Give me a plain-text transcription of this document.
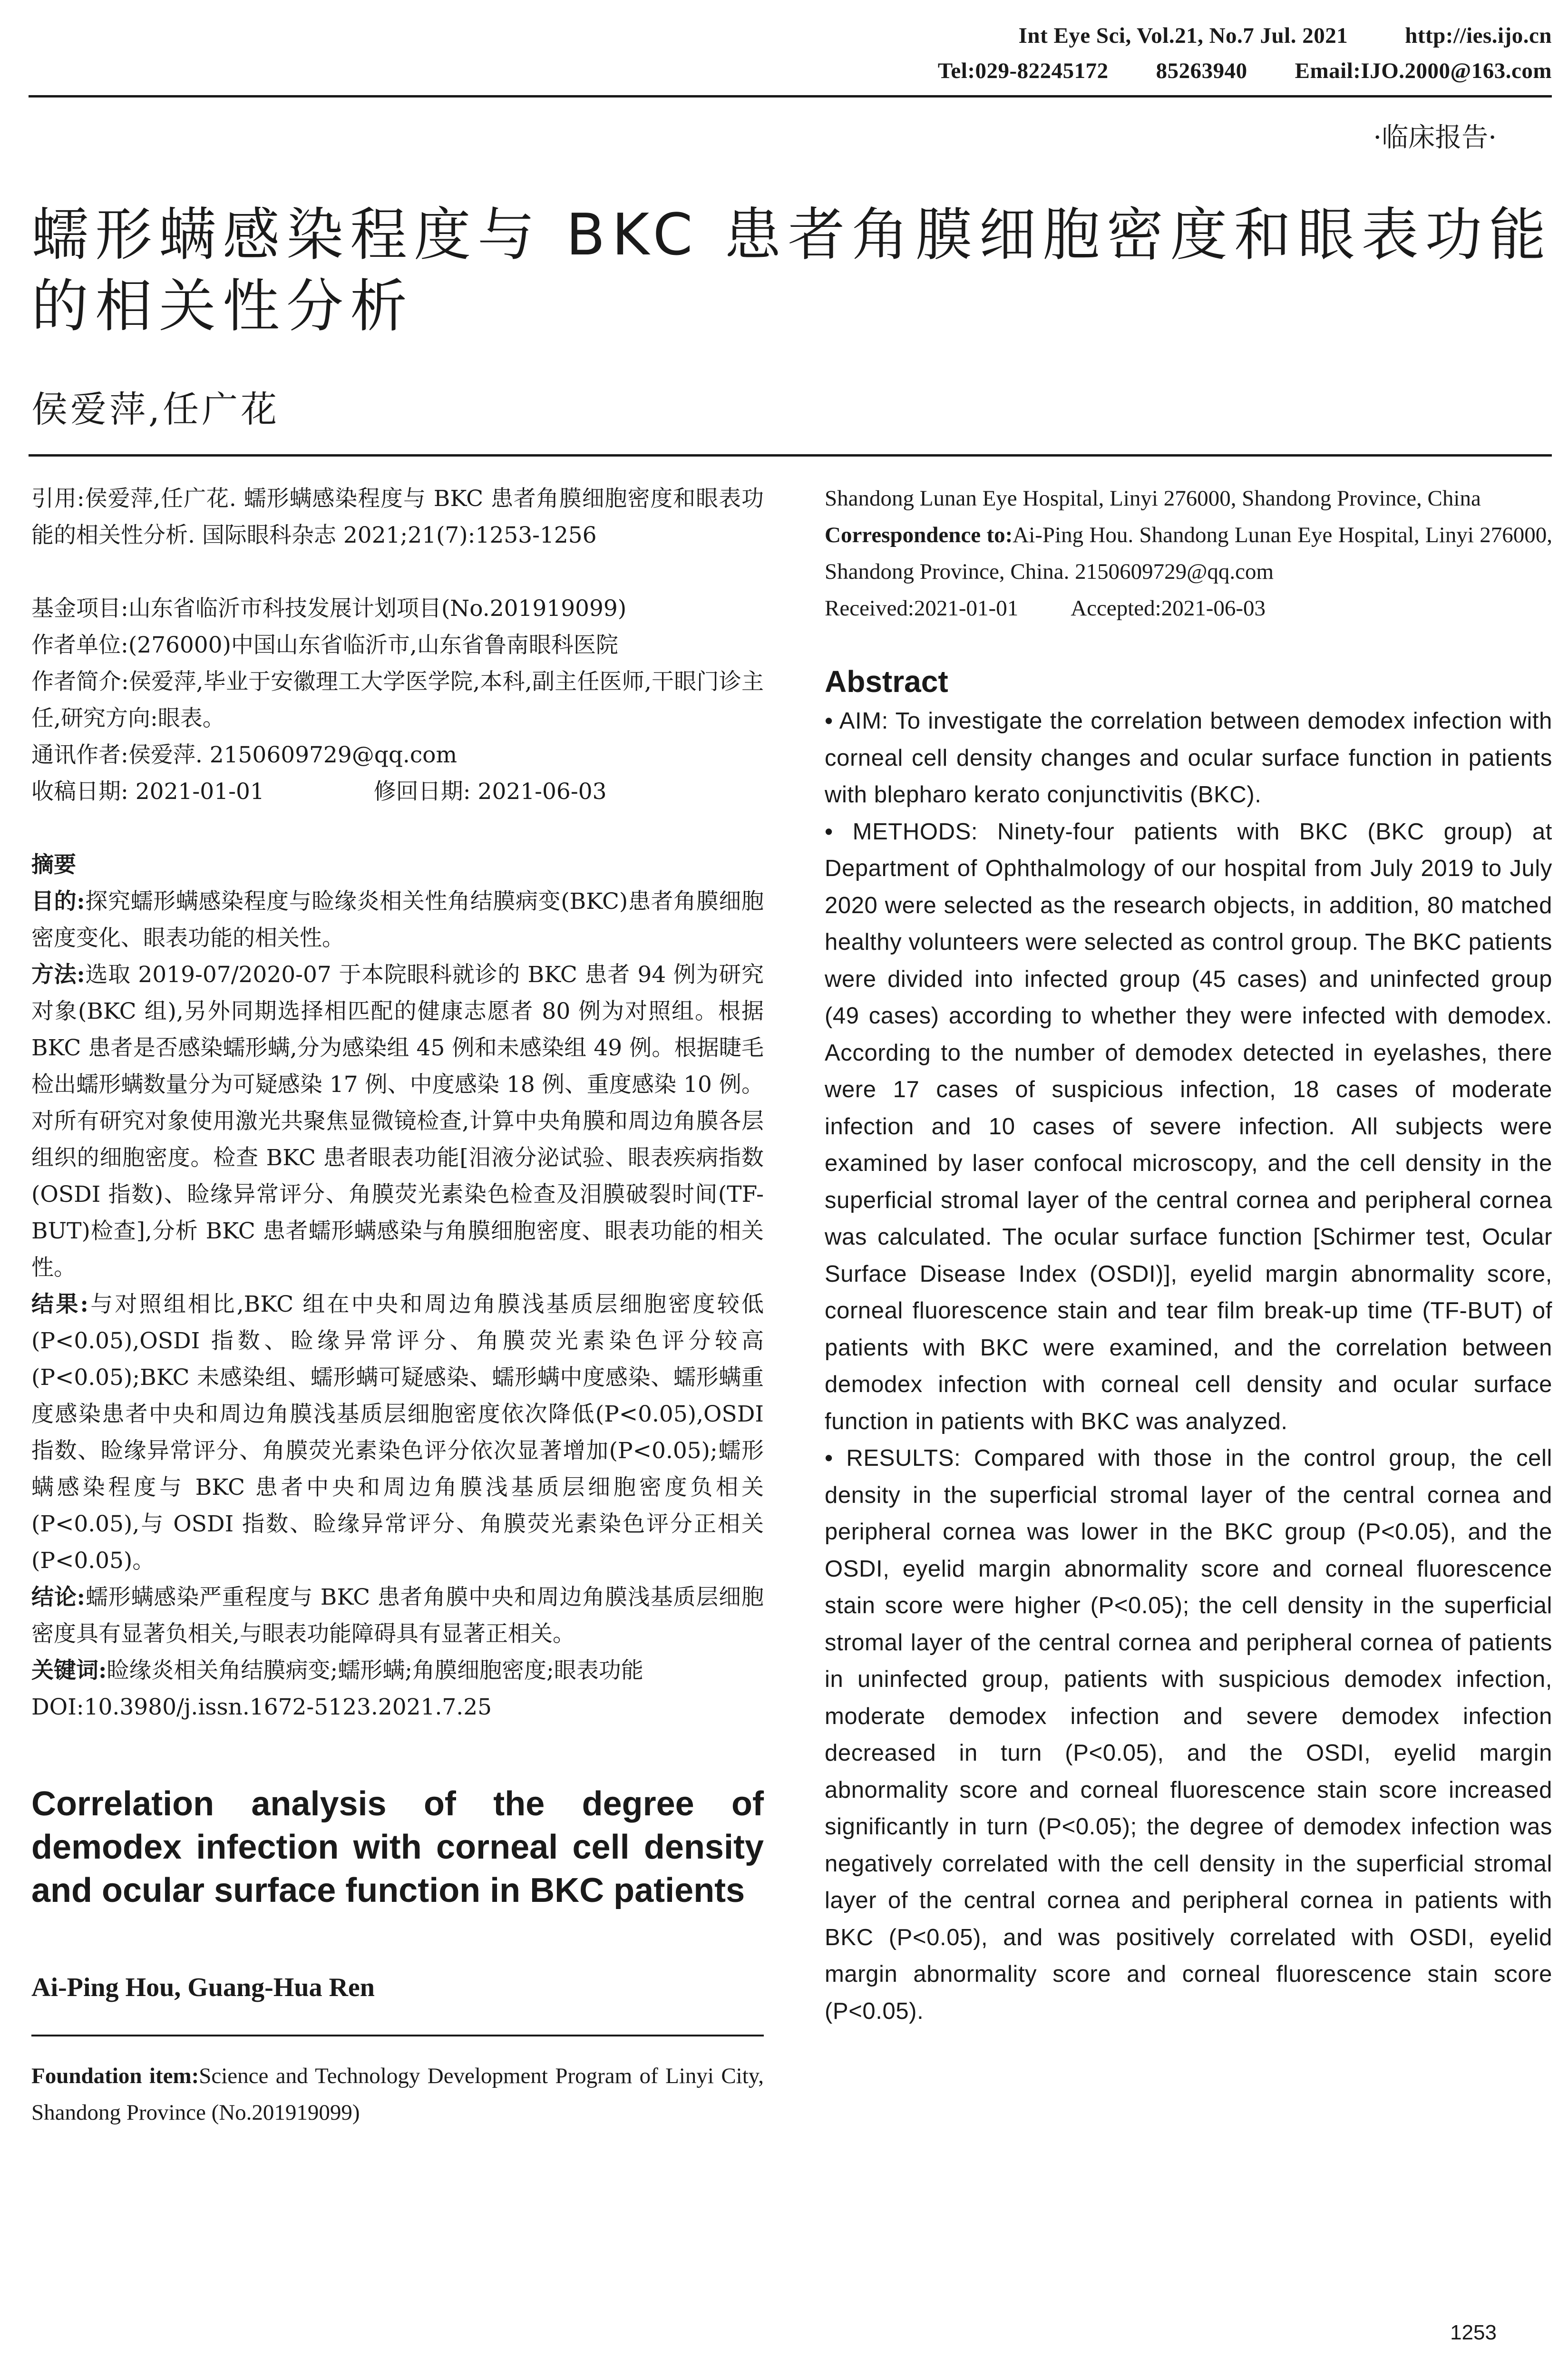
Int Eye Sci, Vol.21, No.7 Jul. 2021	http://ies.ijo.cn
Tel:029-82245172 85263940 Email:IJO.2000@163.com
·临床报告·
蠕形螨感染程度与 BKC 患者角膜细胞密度和眼表功能的相关性分析
侯爱萍,任广花

引用:侯爱萍,任广花. 蠕形螨感染程度与 BKC 患者角膜细胞密度和眼表功能的相关性分析. 国际眼科杂志 2021;21(7):1253-1256

基金项目:山东省临沂市科技发展计划项目(No.201919099)

作者单位:(276000)中国山东省临沂市,山东省鲁南眼科医院

作者简介:侯爱萍,毕业于安徽理工大学医学院,本科,副主任医师,干眼门诊主任,研究方向:眼表。

通讯作者:侯爱萍. 2150609729@qq.com

收稿日期: 2021-01-01	修回日期: 2021-06-03

摘要

目的:探究蠕形螨感染程度与睑缘炎相关性角结膜病变(BKC)患者角膜细胞密度变化、眼表功能的相关性。

方法:选取 2019-07/2020-07 于本院眼科就诊的 BKC 患者 94 例为研究对象(BKC 组),另外同期选择相匹配的健康志愿者 80 例为对照组。根据 BKC 患者是否感染蠕形螨,分为感染组 45 例和未感染组 49 例。根据睫毛检出蠕形螨数量分为可疑感染 17 例、中度感染 18 例、重度感染 10 例。对所有研究对象使用激光共聚焦显微镜检查,计算中央角膜和周边角膜各层组织的细胞密度。检查 BKC 患者眼表功能[泪液分泌试验、眼表疾病指数(OSDI 指数)、睑缘异常评分、角膜荧光素染色检查及泪膜破裂时间(TF-BUT)检查],分析 BKC 患者蠕形螨感染与角膜细胞密度、眼表功能的相关性。

结果:与对照组相比,BKC 组在中央和周边角膜浅基质层细胞密度较低(P<0.05),OSDI 指数、睑缘异常评分、角膜荧光素染色评分较高(P<0.05);BKC 未感染组、蠕形螨可疑感染、蠕形螨中度感染、蠕形螨重度感染患者中央和周边角膜浅基质层细胞密度依次降低(P<0.05),OSDI 指数、睑缘异常评分、角膜荧光素染色评分依次显著增加(P<0.05);蠕形螨感染程度与 BKC 患者中央和周边角膜浅基质层细胞密度负相关(P<0.05),与 OSDI 指数、睑缘异常评分、角膜荧光素染色评分正相关(P<0.05)。

结论:蠕形螨感染严重程度与 BKC 患者角膜中央和周边角膜浅基质层细胞密度具有显著负相关,与眼表功能障碍具有显著正相关。

关键词:睑缘炎相关角结膜病变;蠕形螨;角膜细胞密度;眼表功能

DOI:10.3980/j.issn.1672-5123.2021.7.25

Correlation analysis of the degree of demodex infection with corneal cell density and ocular surface function in BKC patients
Ai-Ping Hou, Guang-Hua Ren
Foundation item:Science and Technology Development Program of Linyi City, Shandong Province (No.201919099)
Shandong Lunan Eye Hospital, Linyi 276000, Shandong Province, China
Correspondence to:Ai-Ping Hou. Shandong Lunan Eye Hospital, Linyi 276000, Shandong Province, China. 2150609729@qq.com
Received:2021-01-01 Accepted:2021-06-03
Abstract

• AIM: To investigate the correlation between demodex infection with corneal cell density changes and ocular surface function in patients with blepharo kerato conjunctivitis (BKC).

• METHODS: Ninety-four patients with BKC (BKC group) at Department of Ophthalmology of our hospital from July 2019 to July 2020 were selected as the research objects, in addition, 80 matched healthy volunteers were selected as control group. The BKC patients were divided into infected group (45 cases) and uninfected group (49 cases) according to whether they were infected with demodex. According to the number of demodex detected in eyelashes, there were 17 cases of suspicious infection, 18 cases of moderate infection and 10 cases of severe infection. All subjects were examined by laser confocal microscopy, and the cell density in the superficial stromal layer of the central cornea and peripheral cornea was calculated. The ocular surface function [Schirmer test, Ocular Surface Disease Index (OSDI)], eyelid margin abnormality score, corneal fluorescence stain and tear film break-up time (TF-BUT) of patients with BKC were examined, and the correlation between demodex infection with corneal cell density and ocular surface function in patients with BKC was analyzed.

• RESULTS: Compared with those in the control group, the cell density in the superficial stromal layer of the central cornea and peripheral cornea was lower in the BKC group (P<0.05), and the OSDI, eyelid margin abnormality score and corneal fluorescence stain score were higher (P<0.05); the cell density in the superficial stromal layer of the central cornea and peripheral cornea of patients in uninfected group, patients with suspicious demodex infection, moderate demodex infection and severe demodex infection decreased in turn (P<0.05), and the OSDI, eyelid margin abnormality score and corneal fluorescence stain score increased significantly in turn (P<0.05); the degree of demodex infection was negatively correlated with the cell density in the superficial stromal layer of the central cornea and peripheral cornea in patients with BKC (P<0.05), and was positively correlated with OSDI, eyelid margin abnormality score and corneal fluorescence stain score (P<0.05).

1253
